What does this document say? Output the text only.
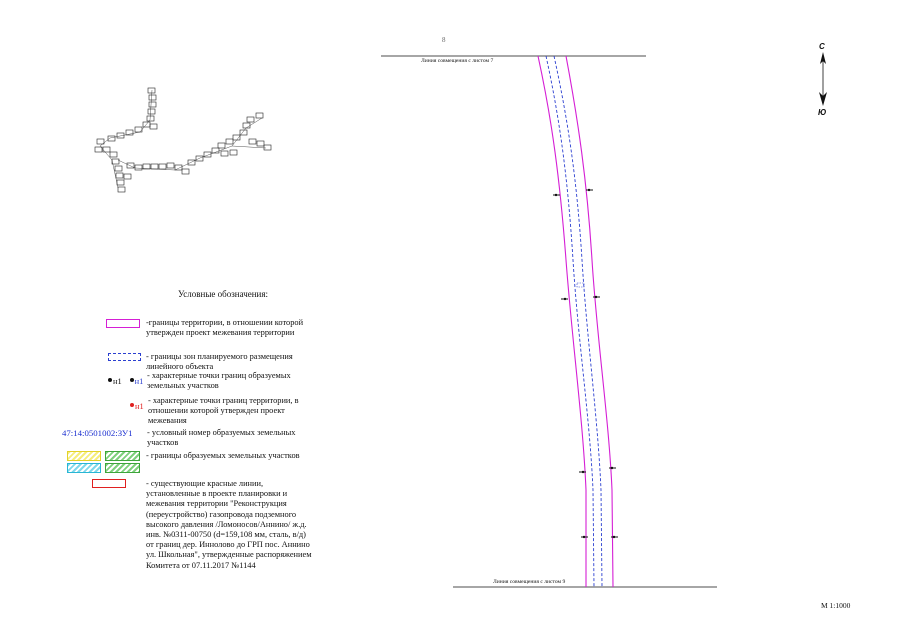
8
Линия совмещения с листом 7
Линия совмещения с листом 9
С
Ю
Условные обозначения:
-границы территории, в отношении которой утвержден проект межевания территории
- границы зон планируемого размещения линейного объекта
н1 н1
- характерные точки границ образуемых земельных участков
н1
- характерные точки границ территории, в отношении которой утвержден проект межевания
47:14:0501002:ЗУ1 - условный номер образуемых земельных участков
- границы образуемых земельных участков
- существующие красные линии, установленные в проекте планировки и межевания территории "Реконструкция (переустройство) газопровода подземного высокого давления /Ломоносов/Аннино/ ж.д. инв. №0311-00750 (d=159,108 мм, сталь, в/д) от границ дер. Иннолово до ГРП пос. Аннино ул. Школьная", утвержденные распоряжением Комитета от 07.11.2017 №1144
М 1:1000
